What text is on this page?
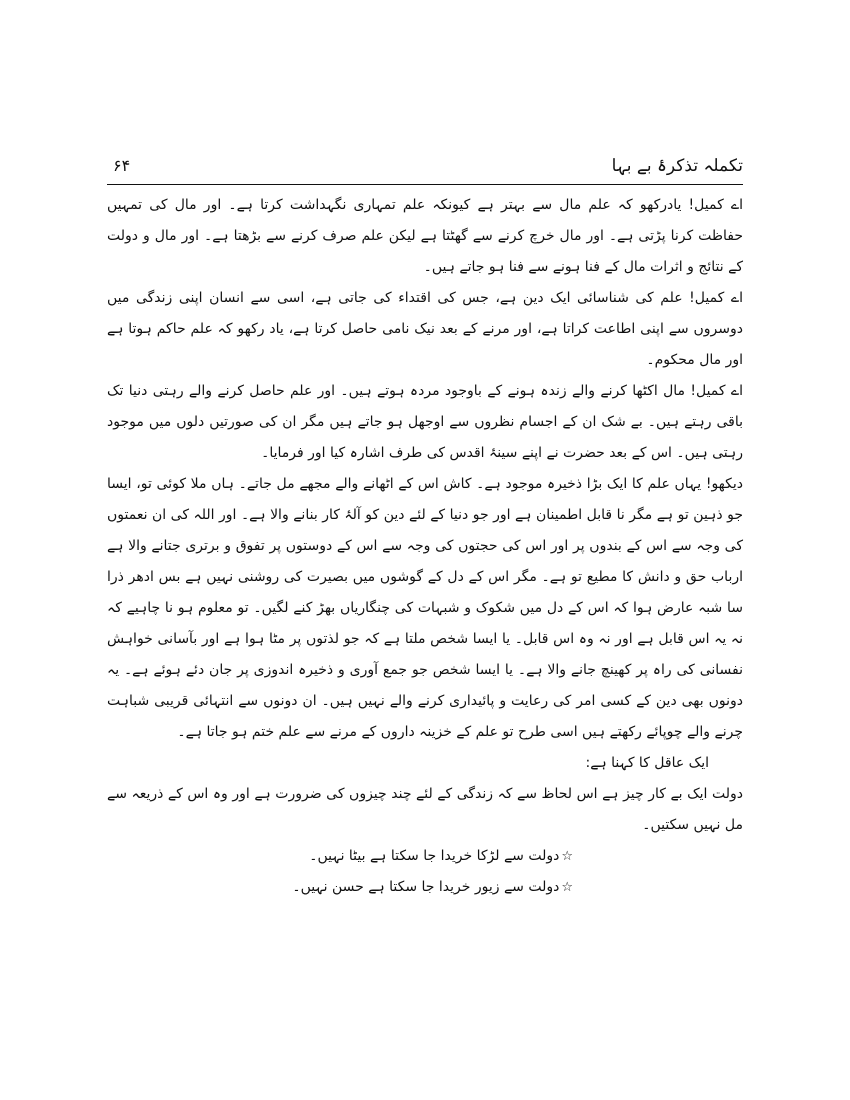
تکملہ تذکرۂ بے بہا
۶۴

اے کمیل! یادرکھو کہ علم مال سے بہتر ہے کیونکہ علم تمہاری نگہداشت کرتا ہے۔ اور مال کی تمہیں حفاظت کرنا پڑتی ہے۔ اور مال خرچ کرنے سے گھٹتا ہے لیکن علم صرف کرنے سے بڑھتا ہے۔ اور مال و دولت کے نتائج و اثرات مال کے فنا ہونے سے فنا ہو جاتے ہیں۔

اے کمیل! علم کی شناسائی ایک دین ہے، جس کی اقتداء کی جاتی ہے، اسی سے انسان اپنی زندگی میں دوسروں سے اپنی اطاعت کراتا ہے، اور مرنے کے بعد نیک نامی حاصل کرتا ہے، یاد رکھو کہ علم حاکم ہوتا ہے اور مال محکوم۔

اے کمیل! مال اکٹھا کرنے والے زندہ ہونے کے باوجود مردہ ہوتے ہیں۔ اور علم حاصل کرنے والے رہتی دنیا تک باقی رہتے ہیں۔ بے شک ان کے اجسام نظروں سے اوجھل ہو جاتے ہیں مگر ان کی صورتیں دلوں میں موجود رہتی ہیں۔ اس کے بعد حضرت نے اپنے سینۂ اقدس کی طرف اشارہ کیا اور فرمایا۔

دیکھو! یہاں علم کا ایک بڑا ذخیرہ موجود ہے۔ کاش اس کے اٹھانے والے مجھے مل جاتے۔ ہاں ملا کوئی تو، ایسا جو ذہین تو ہے مگر نا قابل اطمینان ہے اور جو دنیا کے لئے دین کو آلۂ کار بنانے والا ہے۔ اور اللہ کی ان نعمتوں کی وجہ سے اس کے بندوں پر اور اس کی حجتوں کی وجہ سے اس کے دوستوں پر تفوق و برتری جتانے والا ہے ارباب حق و دانش کا مطیع تو ہے۔ مگر اس کے دل کے گوشوں میں بصیرت کی روشنی نہیں ہے بس ادھر ذرا سا شبہ عارض ہوا کہ اس کے دل میں شکوک و شبہات کی چنگاریاں بھڑ کنے لگیں۔ تو معلوم ہو نا چاہیے کہ نہ یہ اس قابل ہے اور نہ وہ اس قابل۔ یا ایسا شخص ملتا ہے کہ جو لذتوں پر مٹا ہوا ہے اور بآسانی خواہش نفسانی کی راہ پر کھینچ جانے والا ہے۔ یا ایسا شخص جو جمع آوری و ذخیرہ اندوزی پر جان دئے ہوئے ہے۔ یہ دونوں بھی دین کے کسی امر کی رعایت و پائیداری کرنے والے نہیں ہیں۔ ان دونوں سے انتہائی قریبی شباہت چرنے والے چوپائے رکھتے ہیں اسی طرح تو علم کے خزینہ داروں کے مرنے سے علم ختم ہو جاتا ہے۔

ایک عاقل کا کہنا ہے:

دولت ایک بے کار چیز ہے اس لحاظ سے کہ زندگی کے لئے چند چیزوں کی ضرورت ہے اور وہ اس کے ذریعہ سے مل نہیں سکتیں۔

☆دولت سے لڑکا خریدا جا سکتا ہے بیٹا نہیں۔

☆دولت سے زیور خریدا جا سکتا ہے حسن نہیں۔
